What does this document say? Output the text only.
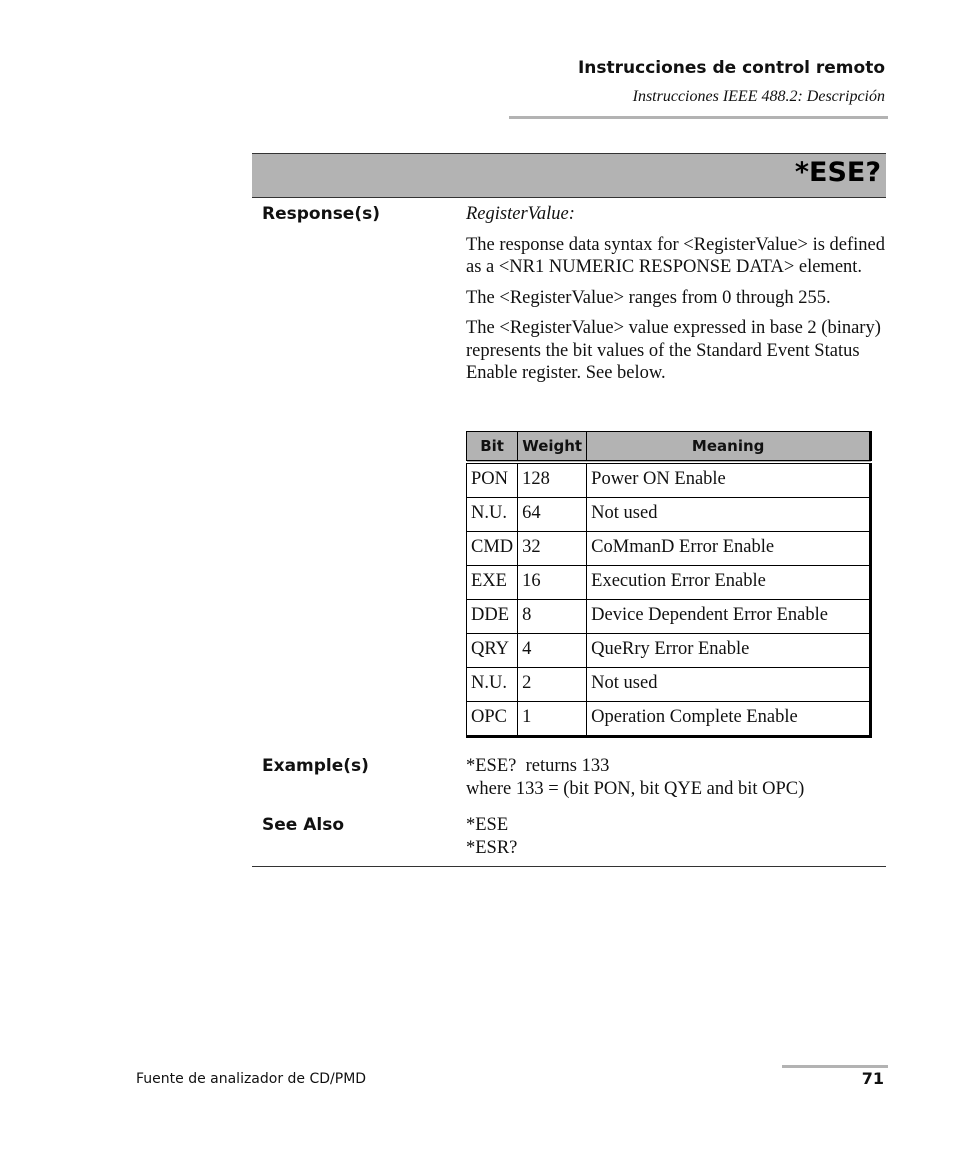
Instrucciones de control remoto
Instrucciones IEEE 488.2: Descripción
*ESE?
Response(s)	RegisterValue:

The response data syntax for <RegisterValue> is defined as a <NR1 NUMERIC RESPONSE DATA> element.

The <RegisterValue> ranges from 0 through 255.

The <RegisterValue> value expressed in base 2 (binary) represents the bit values of the Standard Event Status Enable register. See below.

Bit	Weight	Meaning
PON	128	Power ON Enable
N.U.	64	Not used
CMD	32	CoMmanD Error Enable
EXE	16	Execution Error Enable
DDE	8	Device Dependent Error Enable
QRY	4	QueRry Error Enable
N.U.	2	Not used
OPC	1	Operation Complete Enable
Example(s)	*ESE?  returns 133

where 133 = (bit PON, bit QYE and bit OPC)

See Also	*ESE

*ESR?

Fuente de analizador de CD/PMD	71
